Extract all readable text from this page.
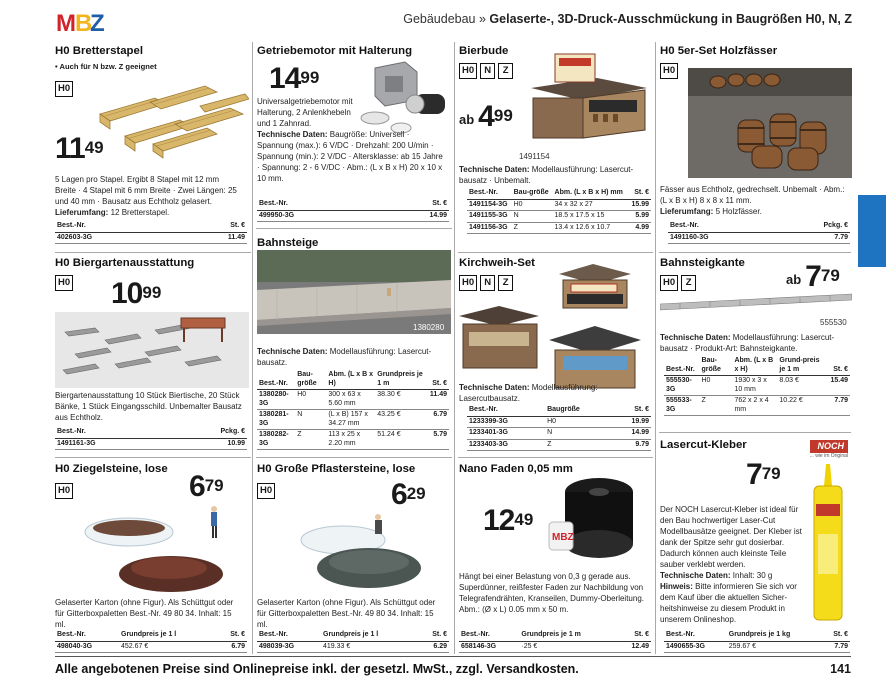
M B
Z	Gebäudebau » Gelaserte-, 3D-Druck-Ausschmückung in Baugrößen H0, N, Z
H0 Bretterstapel
• Auch für N bzw. Z geeignet
H0
$11^{49}$
5 Lagen pro Stapel. Ergibt 8 Stapel mit 12 mm Breite · 4 Stapel mit 6 mm Breite · Zwei Längen: 25 und 40 mm · Bausatz aus Echtholz gelasert.
Lieferumfang: 12 Bretterstapel.
Best.-Nr.	St. €
402603-3G	11.49
H0 Biergartenausstattung
H0 $10^{99}$
Biergartenausstattung 10 Stück Biertische, 20 Stück Bänke, 1 Stück Eingangsschild. Unbemalter Bausatz aus Echtholz.
Best.-Nr.	Pckg. €
1491161-3G	10.99
H0 Ziegelsteine, lose
H0	$6^{79}$
Gelaserter Karton (ohne Figur). Als Schüttgut oder für Gitterboxpaletten Best.-Nr. 49 80 34. Inhalt: 15 ml.
Best.-Nr.	Grundpreis je 1 l	St. €
498040-3G	452.67 €	6.79
Getriebemotor mit Halterung
$14^{99}$
Universalgetriebemotor mit Halterung, 2 Anlenkhebeln und 1 Zahnrad.
Technische Daten: Baugröße: Universell · Spannung (max.): 6 V/DC · Drehzahl: 200 U/min · Spannung (min.): 2 V/DC · Altersklasse: ab 15 Jahre · Spannung: 2 - 6 V/DC · Abm.: (L x B x H) 20 x 10 x 10 mm.
Best.-Nr.	St. €
499950-3G	14.99
Bahnsteige
1380280
Technische Daten: Modellausführung: Lasercut-bausatz.
Best.-Nr.	Bau-größe	Abm. (L x B x H)	Grundpreis je 1 m	St. €
1380280-3G	H0	300 x 63 x 5.60 mm	38.30 €	11.49
1380281-3G	N	(L x B) 157 x 34.27 mm	43.25 €	6.79
1380282-3G	Z	113 x 25 x 2.20 mm	51.24 €	5.79
H0 Große Pflastersteine, lose
H0	$6^{29}$
Gelaserter Karton (ohne Figur). Als Schüttgut oder für Gitterboxpaletten Best.-Nr. 49 80 34. Inhalt: 15 ml.
Best.-Nr.	Grundpreis je 1 l	St. €
498039-3G	419.33 €	6.29
Bierbude
H0	N	Z
ab $4^{99}$
1491154
Technische Daten: Modellausführung: Lasercut-bausatz · Unbemalt.
Best.-Nr.	Bau-größe	Abm. (L x B x H) mm	St. €
1491154-3G	H0	34 x 32 x 27	15.99
1491155-3G	N	18.5 x 17.5 x 15	5.99
1491156-3G	Z	13.4 x 12.6 x 10.7	4.99
Kirchweih-Set
H0	N	Z
Technische Daten: Modellausführung: Lasercutbausatz.
Best.-Nr.	Baugröße	St. €
1233399-3G	H0	19.99
1233401-3G	N	14.99
1233403-3G	Z	9.79
Nano Faden 0,05 mm
$12^{49}$
MBZ
Hängt bei einer Belastung von 0,3 g gerade aus. Superdünner, reißfester Faden zur Nachbildung von Telegrafendrähten, Kranseilen, Dummy-Oberleitung. Abm.: (Ø x L) 0.05 mm x 50 m.
Best.-Nr.	Grundpreis je 1 m	St. €
658146-3G	·25 €	12.49
H0 5er-Set Holzfässer
H0
Fässer aus Echtholz, gedrechselt. Unbemalt · Abm.: (L x B x H) 8 x 8 x 11 mm.
Lieferumfang: 5 Holzfässer.
Best.-Nr.	Pckg. €
1491160-3G	7.79
Bahnsteigkante
H0	Z	ab $7^{79}$
555530
Technische Daten: Modellausführung: Lasercut-bausatz · Produkt-Art: Bahnsteigkante.
Best.-Nr.	Bau-größe	Abm. (L x B x H)	Grund-preis je 1 m	St. €
555530-3G	H0	1930 x 3 x 10 mm	8.03 €	15.49
555533-3G	Z	762 x 2 x 4 mm	10.22 €	7.79
Lasercut-Kleber	NOCH
... wie im Original
$7^{79}$
Der NOCH Lasercut-Kleber ist ideal für den Bau hochwertiger Laser-Cut Modellbausätze geeignet. Der Kleber ist dank der Spitze sehr gut dosierbar. Dadurch können auch kleinste Teile sauber verklebt werden.
Technische Daten: Inhalt: 30 g
Hinweis: Bitte informieren Sie sich vor dem Kauf über die aktuellen Sicherheitshinweise zu diesem Produkt in unserem Onlineshop.
Best.-Nr.	Grundpreis je 1 kg	St. €
1490655-3G	259.67 €	7.79
Alle angebotenen Preise sind Onlinepreise inkl. der gesetzl. MwSt., zzgl. Versandkosten.	141
